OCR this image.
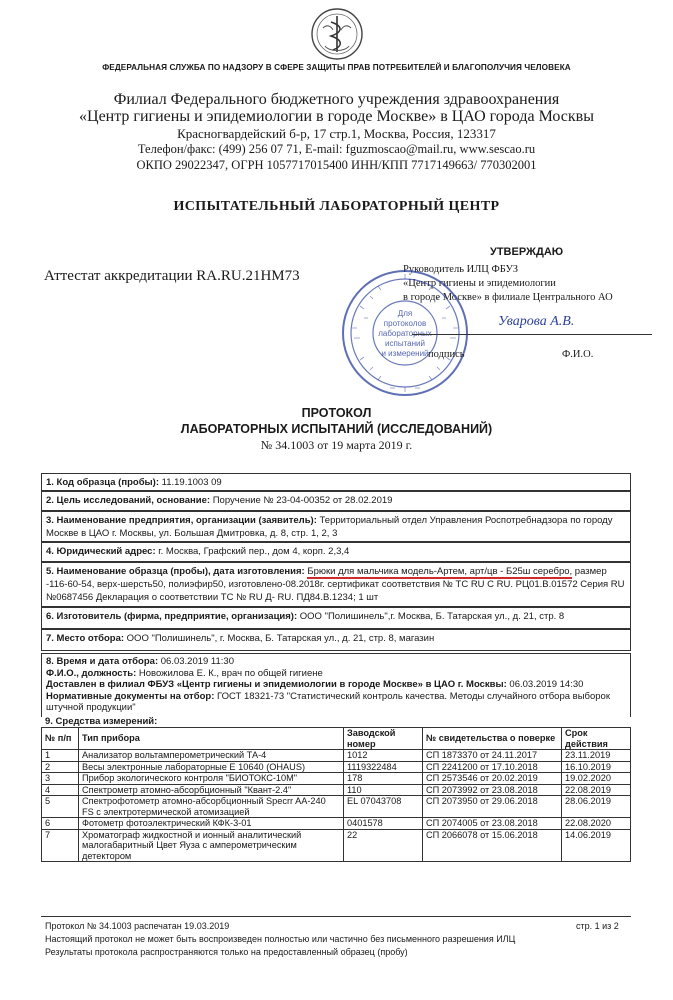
ФЕДЕРАЛЬНАЯ СЛУЖБА ПО НАДЗОРУ В СФЕРЕ ЗАЩИТЫ ПРАВ ПОТРЕБИТЕЛЕЙ И БЛАГОПОЛУЧИЯ ЧЕЛОВЕКА
Филиал Федерального бюджетного учреждения здравоохранения
«Центр гигиены и эпидемиологии в городе Москве» в ЦАО города Москвы
Красногвардейский б-р, 17 стр.1, Москва, Россия, 123317
Телефон/факс: (499) 256 07 71, E-mail: fguzmoscao@mail.ru, www.sescao.ru
ОКПО 29022347, ОГРН 1057717015400 ИНН/КПП 7717149663/ 770302001
ИСПЫТАТЕЛЬНЫЙ ЛАБОРАТОРНЫЙ ЦЕНТР
УТВЕРЖДАЮ
Аттестат аккредитации RA.RU.21НМ73	Руководитель ИЛЦ ФБУЗ
«Центр гигиены и эпидемиологии
в городе Москве» в филиале Центрального АО
Для
протоколов
лабораторных
испытаний
и измерений
Уварова А.В.
подпись	Ф.И.О.
ПРОТОКОЛ
ЛАБОРАТОРНЫХ ИСПЫТАНИЙ (ИССЛЕДОВАНИЙ)
№ 34.1003 от 19 марта 2019 г.
1. Код образца (пробы): 11.19.1003 09
2. Цель исследований, основание: Поручение № 23-04-00352 от 28.02.2019
3. Наименование предприятия, организации (заявитель): Территориальный отдел Управления Роспотребнадзора по городу Москве в ЦАО г. Москвы, ул. Большая Дмитровка, д. 8, стр. 1, 2, 3
4. Юридический адрес: г. Москва, Графский пер., дом 4, корп. 2,3,4
5. Наименование образца (пробы), дата изготовления: Брюки для мальчика модель-Артем, арт/цв - Б25ш серебро, размер -116-60-54, верх-шерсть50, полиэфир50, изготовлено-08.2018г. сертификат соответствия № ТС RU C RU. РЦ01.В.01572 Серия RU №0687456 Декларация о соответствии ТС № RU Д- RU. ПД84.В.1234; 1 шт
6. Изготовитель (фирма, предприятие, организация): ООО "Полишинель",г. Москва, Б. Татарская ул., д. 21, стр. 8
7. Место отбора: ООО "Полишинель", г. Москва, Б. Татарская ул., д. 21, стр. 8, магазин
8. Время и дата отбора: 06.03.2019 11:30
Ф.И.О., должность: Новожилова Е. К., врач по общей гигиене
Доставлен в филиал ФБУЗ «Центр гигиены и эпидемиологии в городе Москве» в ЦАО г. Москвы: 06.03.2019 14:30
Нормативные документы на отбор: ГОСТ 18321-73 "Статистический контроль качества. Методы случайного отбора выборок штучной продукции"
9. Средства измерений:
№ п/п	Тип прибора	Заводской номер	№ свидетельства о поверке	Срок действия
1	Анализатор вольтамперометрический ТА-4	1012	СП 1873370 от 24.11.2017	23.11.2019
2	Весы электронные лабораторные Е 10640 (OHAUS)	1119322484	СП 2241200 от 17.10.2018	16.10.2019
3	Прибор экологического контроля "БИОТОКС-10М"	178	СП 2573546 от 20.02.2019	19.02.2020
4	Спектрометр атомно-абсорбционный "Квант-2.4"	110	СП 2073992 от 23.08.2018	22.08.2019
5	Спектрофотометр атомно-абсорбционный Specrr AA-240 FS с электротермической атомизацией	EL 07043708	СП 2073950 от 29.06.2018	28.06.2019
6	Фотометр фотоэлектрический КФК-3-01	0401578	СП 2074005 от 23.08.2018	22.08.2020
7	Хроматограф жидкостной и ионный аналитический малогабаритный Цвет Яуза с амперометрическим детектором	22	СП 2066078 от 15.06.2018	14.06.2019
Протокол № 34.1003 распечатан 19.03.2019	стр. 1 из 2
Настоящий протокол не может быть воспроизведен полностью или частично без письменного разрешения ИЛЦ
Результаты протокола распространяются только на предоставленный образец (пробу)
